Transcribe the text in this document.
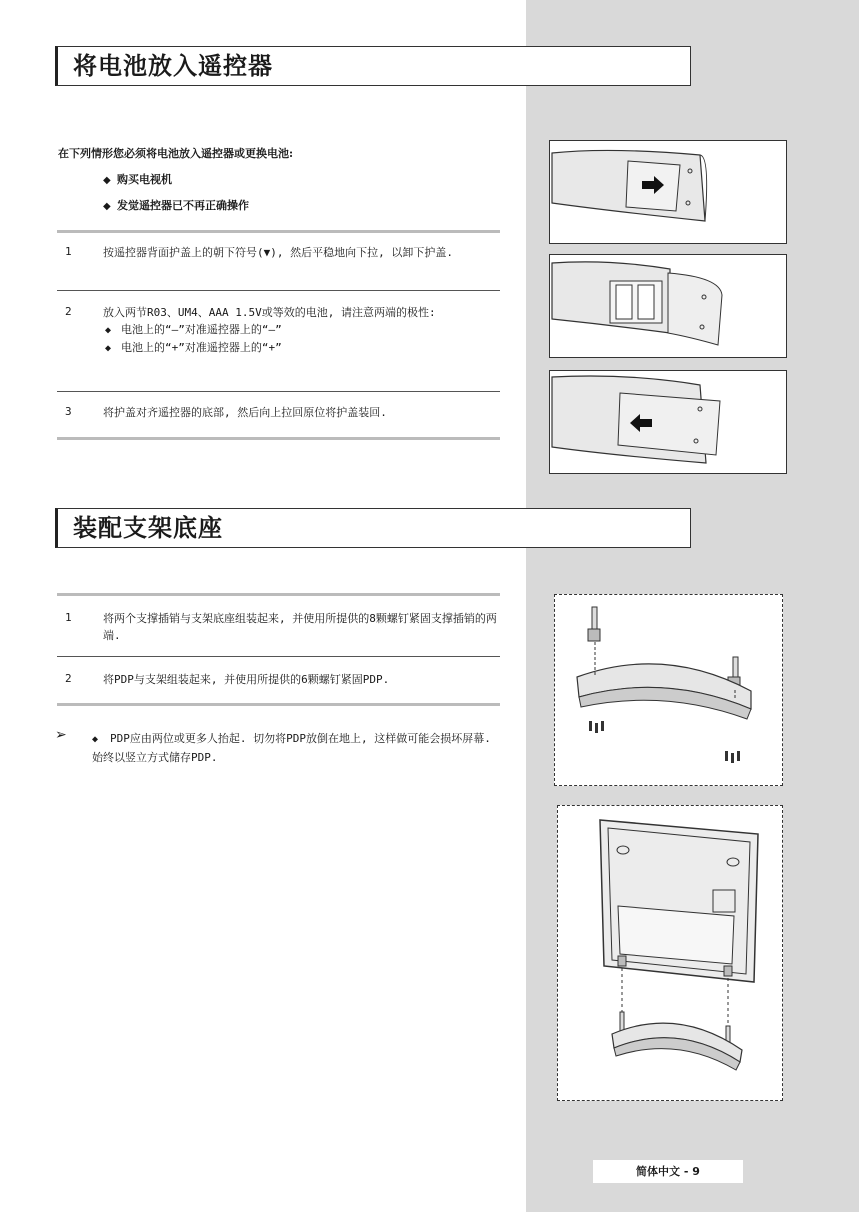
将电池放入遥控器
在下列情形您必须将电池放入遥控器或更换电池:
◆ 购买电视机
◆ 发觉遥控器已不再正确操作
1	按遥控器背面护盖上的朝下符号(▼), 然后平稳地向下拉, 以卸下护盖.
2	放入两节R03、UM4、AAA 1.5V或等效的电池, 请注意两端的极性:
◆ 电池上的“—”对准遥控器上的“—”
◆ 电池上的“+”对准遥控器上的“+”
3	将护盖对齐遥控器的底部, 然后向上拉回原位将护盖装回.
装配支架底座
1	将两个支撑插销与支架底座组装起来, 并使用所提供的8颗螺钉紧固支撑插销的两端.
2	将PDP与支架组装起来, 并使用所提供的6颗螺钉紧固PDP.
➢	◆ PDP应由两位或更多人抬起. 切勿将PDP放倒在地上, 这样做可能会损坏屏幕. 始终以竖立方式储存PDP.
简体中文 - 9
